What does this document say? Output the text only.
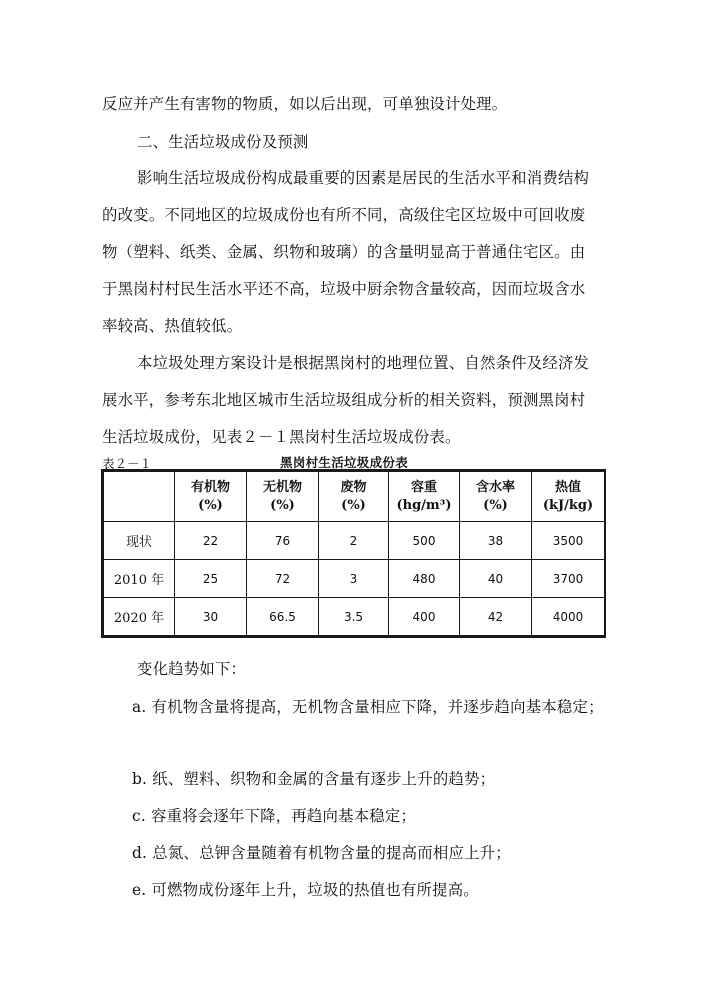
反应并产生有害物的物质，如以后出现，可单独设计处理。
二、生活垃圾成份及预测
影响生活垃圾成份构成最重要的因素是居民的生活水平和消费结构
的改变。不同地区的垃圾成份也有所不同，高级住宅区垃圾中可回收废
物（塑料、纸类、金属、织物和玻璃）的含量明显高于普通住宅区。由
于黑岗村村民生活水平还不高，垃圾中厨余物含量较高，因而垃圾含水
率较高、热值较低。
本垃圾处理方案设计是根据黑岗村的地理位置、自然条件及经济发
展水平，参考东北地区城市生活垃圾组成分析的相关资料，预测黑岗村
生活垃圾成份，见表２－１黑岗村生活垃圾成份表。
表２－１	黑岗村生活垃圾成份表
	有机物
(%)	无机物
(%)	废物
(%)	容重
(hg/m³)	含水率
(%)	热值
(kJ/kg)
现状	22	76	2	500	38	3500
2010 年	25	72	3	480	40	3700
2020 年	30	66.5	3.5	400	42	4000
变化趋势如下：
a. 有机物含量将提高，无机物含量相应下降，并逐步趋向基本稳定；
b. 纸、塑料、织物和金属的含量有逐步上升的趋势；
c. 容重将会逐年下降，再趋向基本稳定；
d. 总氮、总钾含量随着有机物含量的提高而相应上升；
e. 可燃物成份逐年上升，垃圾的热值也有所提高。
